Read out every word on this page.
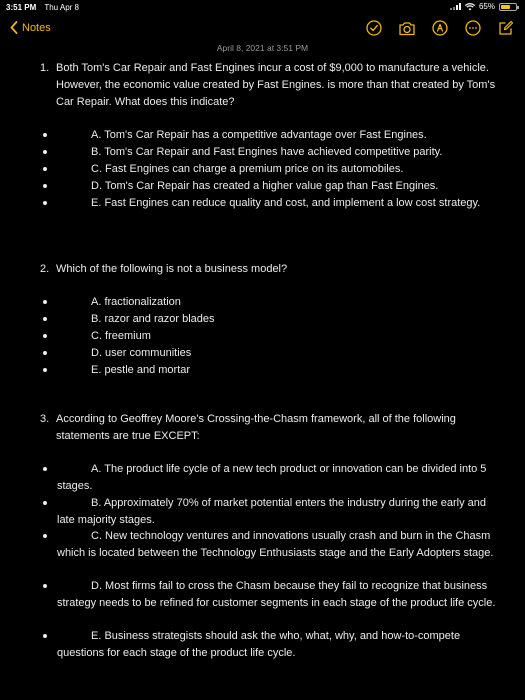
3:51 PM Thu Apr 8	65%
Notes
April 8, 2021 at 3:51 PM
1. Both Tom's Car Repair and Fast Engines incur a cost of $9,000 to manufacture a vehicle. However, the economic value created by Fast Engines. is more than that created by Tom's Car Repair. What does this indicate?
A. Tom's Car Repair has a competitive advantage over Fast Engines.
B. Tom's Car Repair and Fast Engines have achieved competitive parity.
C. Fast Engines can charge a premium price on its automobiles.
D. Tom's Car Repair has created a higher value gap than Fast Engines.
E. Fast Engines can reduce quality and cost, and implement a low cost strategy.
2. Which of the following is not a business model?
A. fractionalization
B. razor and razor blades
C. freemium
D. user communities
E. pestle and mortar
3. According to Geoffrey Moore's Crossing-the-Chasm framework, all of the following statements are true EXCEPT:
A. The product life cycle of a new tech product or innovation can be divided into 5 stages.
B. Approximately 70% of market potential enters the industry during the early and late majority stages.
C. New technology ventures and innovations usually crash and burn in the Chasm which is located between the Technology Enthusiasts stage and the Early Adopters stage.
D. Most firms fail to cross the Chasm because they fail to recognize that business strategy needs to be refined for customer segments in each stage of the product life cycle.
E. Business strategists should ask the who, what, why, and how-to-compete questions for each stage of the product life cycle.
